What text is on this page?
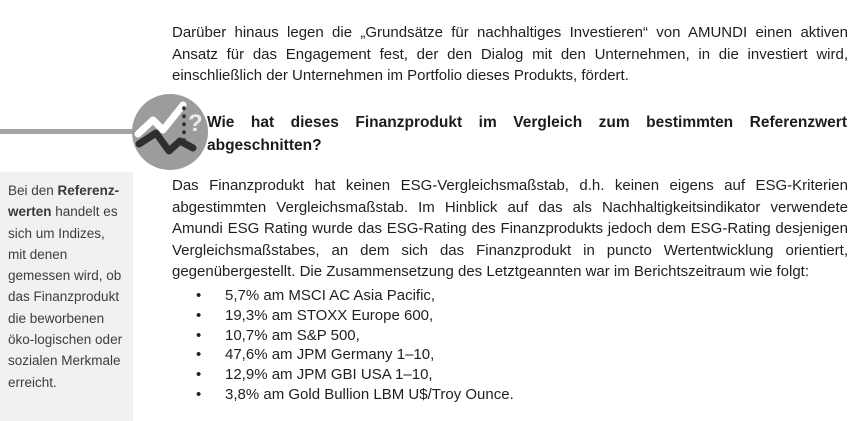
Darüber hinaus legen die „Grundsätze für nachhaltiges Investieren“ von AMUNDI einen aktiven Ansatz für das Engagement fest, der den Dialog mit den Unternehmen, in die investiert wird, einschließlich der Unternehmen im Portfolio dieses Produkts, fördert.

? Wie hat dieses Finanzprodukt im Vergleich zum bestimmten Referenzwert abgeschnitten?
Bei den Referenz-werten handelt es sich um Indizes, mit denen gemessen wird, ob das Finanzprodukt die beworbenen öko-logischen oder sozialen Merkmale erreicht.

Das Finanzprodukt hat keinen ESG-Vergleichsmaßstab, d.h. keinen eigens auf ESG-Kriterien abgestimmten Vergleichsmaßstab. Im Hinblick auf das als Nachhaltigkeitsindikator verwendete Amundi ESG Rating wurde das ESG-Rating des Finanzprodukts jedoch dem ESG-Rating desjenigen Vergleichsmaßstabes, an dem sich das Finanzprodukt in puncto Wertentwicklung orientiert, gegenübergestellt. Die Zusammensetzung des Letztgeannten war im Berichtszeitraum wie folgt:

• 5,7% am MSCI AC Asia Pacific,
• 19,3% am STOXX Europe 600,
• 10,7% am S&P 500,
• 47,6% am JPM Germany 1–10,
• 12,9% am JPM GBI USA 1–10,
• 3,8% am Gold Bullion LBM U$/Troy Ounce.
